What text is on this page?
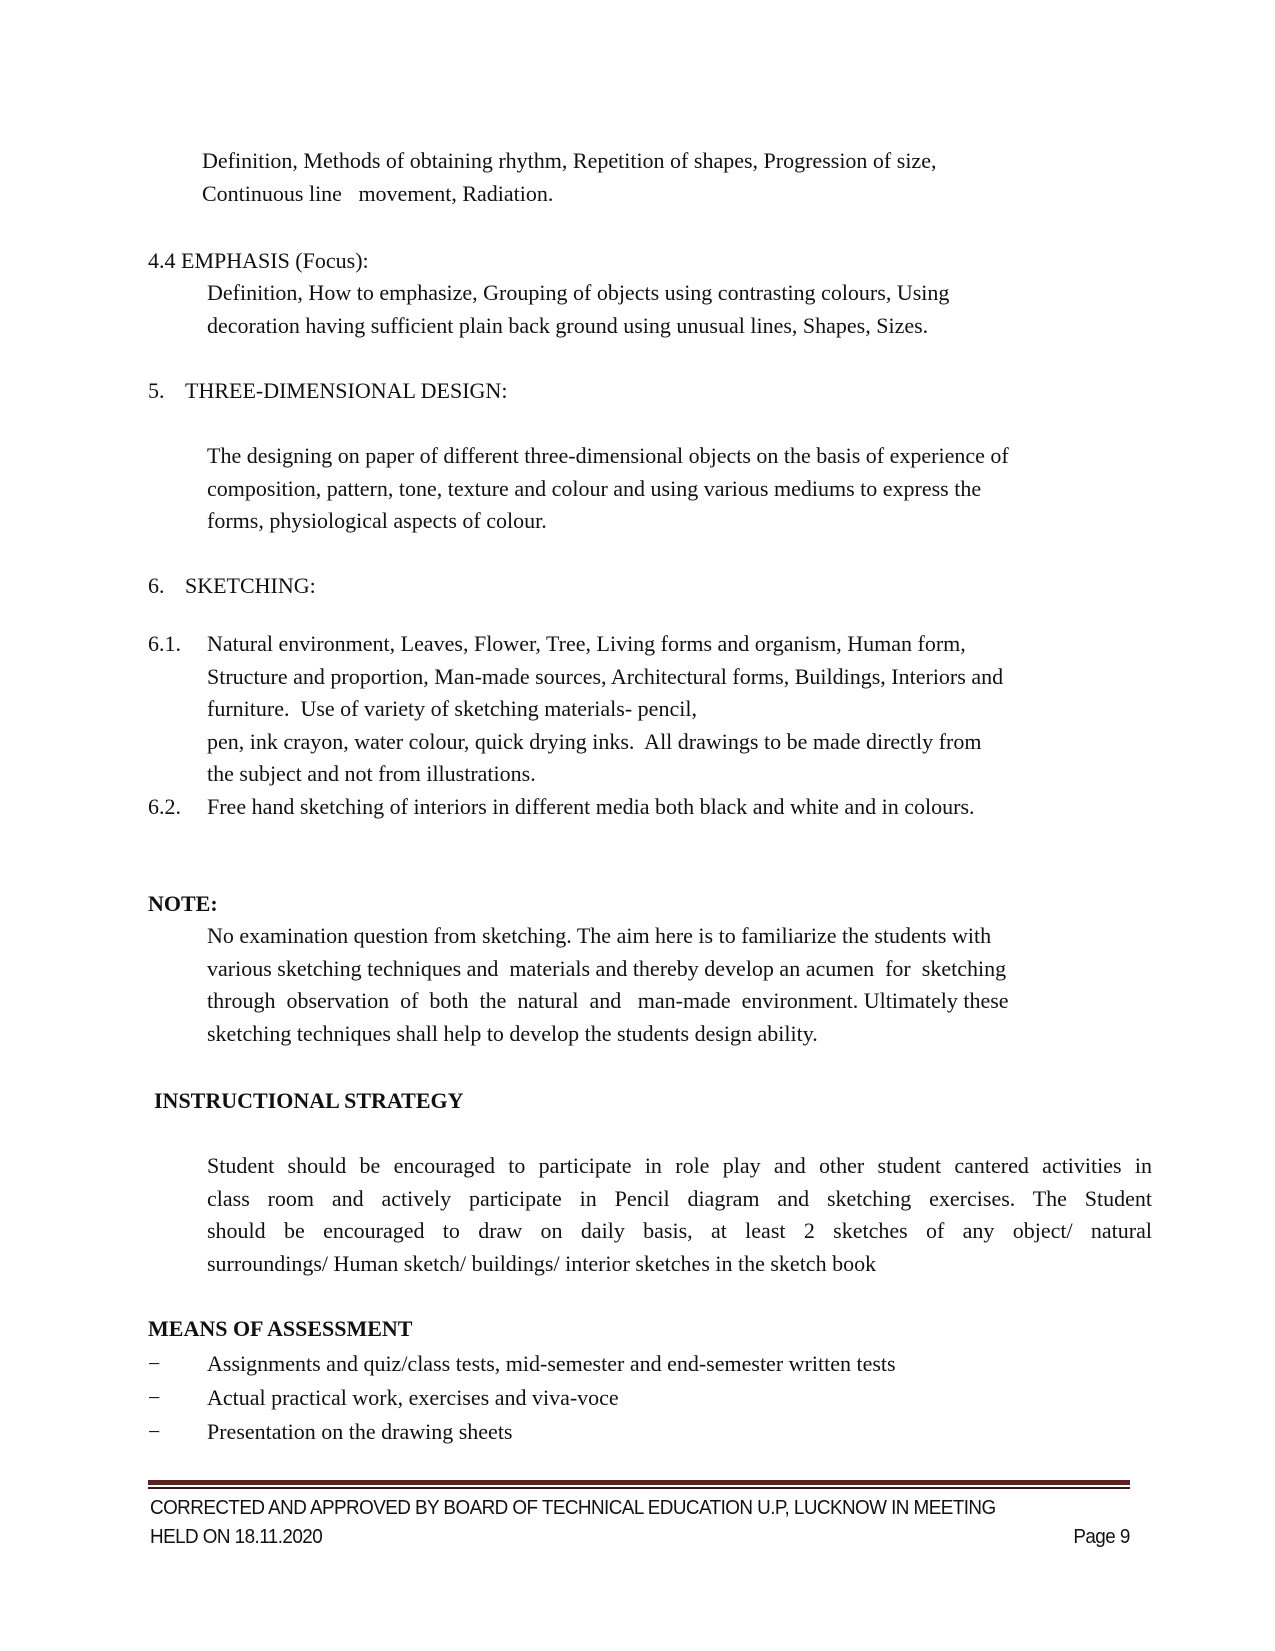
Definition, Methods of obtaining rhythm, Repetition of shapes, Progression of size,
Continuous line   movement, Radiation.
4.4 EMPHASIS (Focus):
Definition, How to emphasize, Grouping of objects using contrasting colours, Using
decoration having sufficient plain back ground using unusual lines, Shapes, Sizes.
5. THREE-DIMENSIONAL DESIGN:
The designing on paper of different three-dimensional objects on the basis of experience of
composition, pattern, tone, texture and colour and using various mediums to express the
forms, physiological aspects of colour.
6. SKETCHING:
6.1. Natural environment, Leaves, Flower, Tree, Living forms and organism, Human form,
Structure and proportion, Man-made sources, Architectural forms, Buildings, Interiors and
furniture.  Use of variety of sketching materials- pencil,
pen, ink crayon, water colour, quick drying inks.  All drawings to be made directly from
the subject and not from illustrations.
6.2. Free hand sketching of interiors in different media both black and white and in colours.
NOTE:
No examination question from sketching. The aim here is to familiarize the students with
various sketching techniques and  materials and thereby develop an acumen  for  sketching
through  observation  of  both  the  natural  and   man-made  environment. Ultimately these
sketching techniques shall help to develop the students design ability.
INSTRUCTIONAL STRATEGY
Student should be encouraged to participate in role play and other student cantered activities in
class room and actively participate in Pencil diagram and sketching exercises. The Student
should be encouraged to draw on daily basis, at least 2 sketches of any object/ natural
surroundings/ Human sketch/ buildings/ interior sketches in the sketch book
MEANS OF ASSESSMENT
− Assignments and quiz/class tests, mid-semester and end-semester written tests
− Actual practical work, exercises and viva-voce
− Presentation on the drawing sheets
CORRECTED AND APPROVED BY BOARD OF TECHNICAL EDUCATION U.P, LUCKNOW IN MEETING
HELD ON 18.11.2020	Page 9
